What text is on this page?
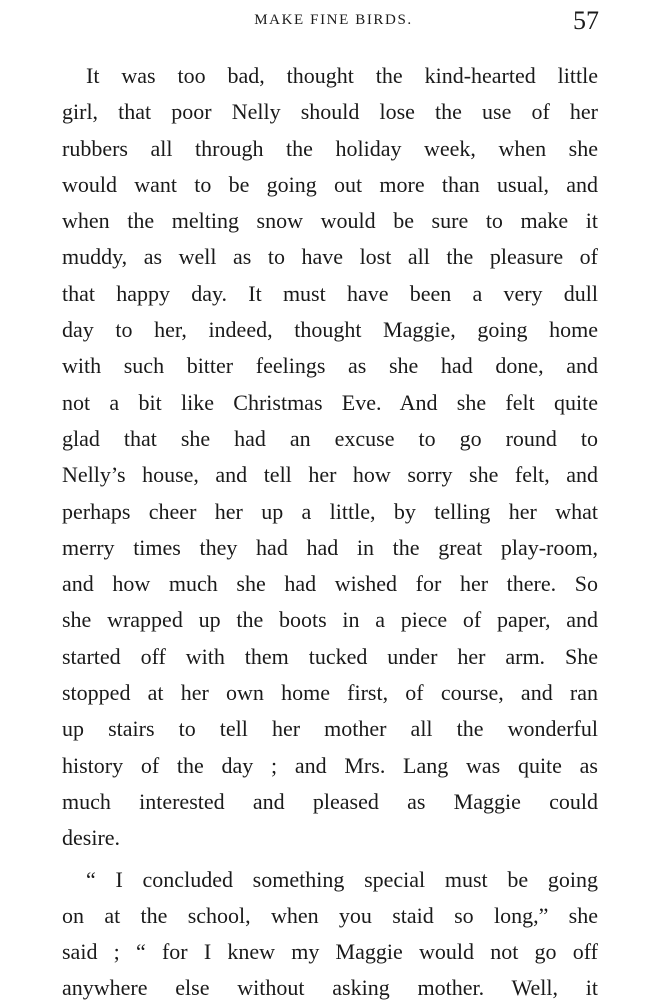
MAKE FINE BIRDS.	57
It was too bad, thought the kind-hearted little
girl, that poor Nelly should lose the use of her
rubbers all through the holiday week, when she
would want to be going out more than usual, and
when the melting snow would be sure to make it
muddy, as well as to have lost all the pleasure of
that happy day. It must have been a very dull
day to her, indeed, thought Maggie, going home
with such bitter feelings as she had done, and
not a bit like Christmas Eve. And she felt quite
glad that she had an excuse to go round to
Nelly’s house, and tell her how sorry she felt, and
perhaps cheer her up a little, by telling her what
merry times they had had in the great play-room,
and how much she had wished for her there. So
she wrapped up the boots in a piece of paper, and
started off with them tucked under her arm. She
stopped at her own home first, of course, and ran
up stairs to tell her mother all the wonderful
history of the day ; and Mrs. Lang was quite as
much interested and pleased as Maggie could
desire.
“ I concluded something special must be going
on at the school, when you staid so long,” she
said ; “ for I knew my Maggie would not go off
anywhere else without asking mother. Well, it
